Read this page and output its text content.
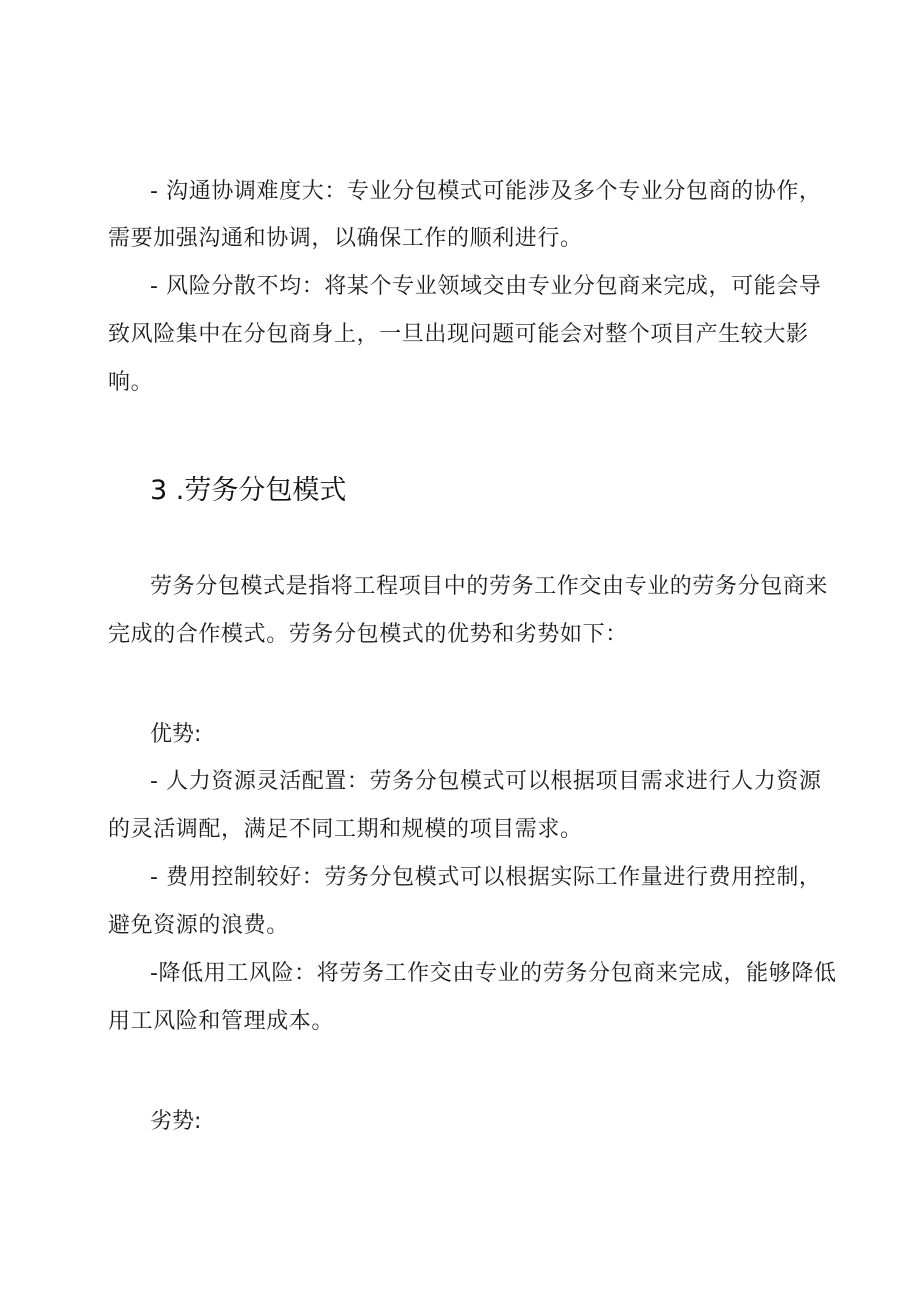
- 沟通协调难度大：专业分包模式可能涉及多个专业分包商的协作，
需要加强沟通和协调，以确保工作的顺利进行。
- 风险分散不均：将某个专业领域交由专业分包商来完成，可能会导
致风险集中在分包商身上，一旦出现问题可能会对整个项目产生较大影
响。
3 .劳务分包模式
劳务分包模式是指将工程项目中的劳务工作交由专业的劳务分包商来
完成的合作模式。劳务分包模式的优势和劣势如下：
优势:
- 人力资源灵活配置：劳务分包模式可以根据项目需求进行人力资源
的灵活调配，满足不同工期和规模的项目需求。
- 费用控制较好：劳务分包模式可以根据实际工作量进行费用控制，
避免资源的浪费。
-降低用工风险：将劳务工作交由专业的劳务分包商来完成，能够降低
用工风险和管理成本。
劣势:
